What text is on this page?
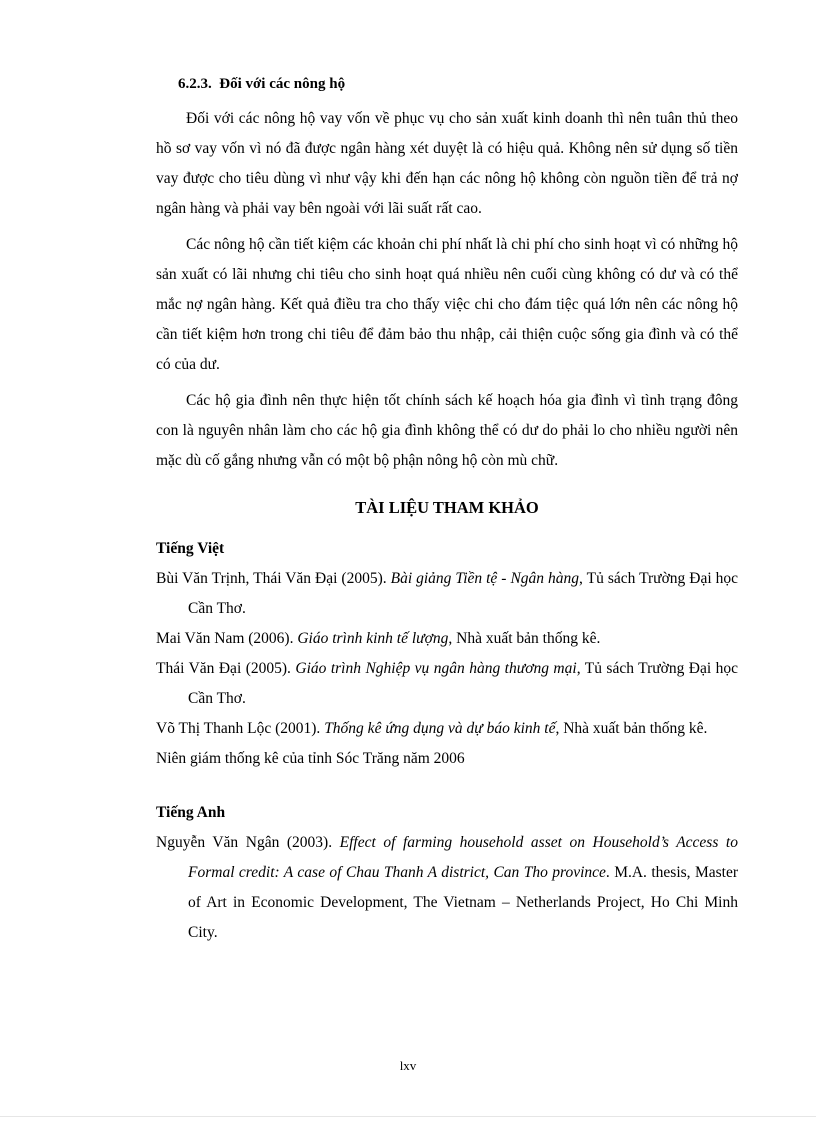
6.2.3. Đối với các nông hộ

Đối với các nông hộ vay vốn về phục vụ cho sản xuất kinh doanh thì nên tuân thủ theo hồ sơ vay vốn vì nó đã được ngân hàng xét duyệt là có hiệu quả. Không nên sử dụng số tiền vay được cho tiêu dùng vì như vậy khi đến hạn các nông hộ không còn nguồn tiền để trả nợ ngân hàng và phải vay bên ngoài với lãi suất rất cao.

Các nông hộ cần tiết kiệm các khoản chi phí nhất là chi phí cho sinh hoạt vì có những hộ sản xuất có lãi nhưng chi tiêu cho sinh hoạt quá nhiều nên cuối cùng không có dư và có thể mắc nợ ngân hàng. Kết quả điều tra cho thấy việc chi cho đám tiệc quá lớn nên các nông hộ cần tiết kiệm hơn trong chi tiêu để đảm bảo thu nhập, cải thiện cuộc sống gia đình và có thể có của dư.

Các hộ gia đình nên thực hiện tốt chính sách kế hoạch hóa gia đình vì tình trạng đông con là nguyên nhân làm cho các hộ gia đình không thể có dư do phải lo cho nhiều người nên mặc dù cố gắng nhưng vẫn có một bộ phận nông hộ còn mù chữ.

TÀI LIỆU THAM KHẢO
Tiếng Việt

Bùi Văn Trịnh, Thái Văn Đại (2005). Bài giảng Tiền tệ - Ngân hàng, Tủ sách Trường Đại học Cần Thơ.

Mai Văn Nam (2006). Giáo trình kinh tế lượng, Nhà xuất bản thống kê.

Thái Văn Đại (2005). Giáo trình Nghiệp vụ ngân hàng thương mại, Tủ sách Trường Đại học Cần Thơ.

Võ Thị Thanh Lộc (2001). Thống kê ứng dụng và dự báo kinh tế, Nhà xuất bản thống kê.

Niên giám thống kê của tỉnh Sóc Trăng năm 2006

Tiếng Anh

Nguyễn Văn Ngân (2003). Effect of farming household asset on Household’s Access to Formal credit: A case of Chau Thanh A district, Can Tho province. M.A. thesis, Master of Art in Economic Development, The Vietnam – Netherlands Project, Ho Chi Minh City.

lxv
